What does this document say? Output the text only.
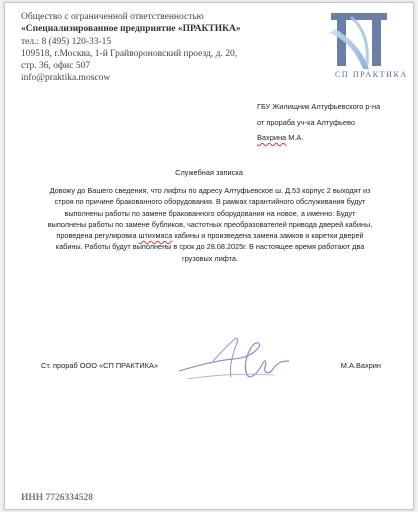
Общество с ограниченной ответственностью
«Специализированное предприятие «ПРАКТИКА»
тел.: 8 (495) 120-33-15
109518, г.Москва, 1-й Грайвороновский проезд, д. 20,
стр. 36, офис 507
info@praktika.moscow	СП ПРАКТИКА
ГБУ Жилищник Алтуфьевского р-на
от прораба уч-ка Алтуфьево
Вахрина М.А.
Служебная записка
Довожу до Вашего сведения, что лифты по адресу Алтуфьевское ш. Д.53 корпус 2 выходят из строя по причине бракованного оборудования. В рамках гарантийного обслуживания будут выполнены работы по замене бракованного оборудования на новое, а именно: Будут выполнены работы по замене бубликов, частотных преобразователей привода дверей кабины, проведена регулировка штихмаса кабины и произведена замена замков и каретки дверей кабины. Работы будут выполнены в срок до 28.08.2025г. В настоящее время работают два грузовых лифта.
Ст. прораб ООО «СП ПРАКТИКА»	М.А.Вахрин
ИНН 7726334528
